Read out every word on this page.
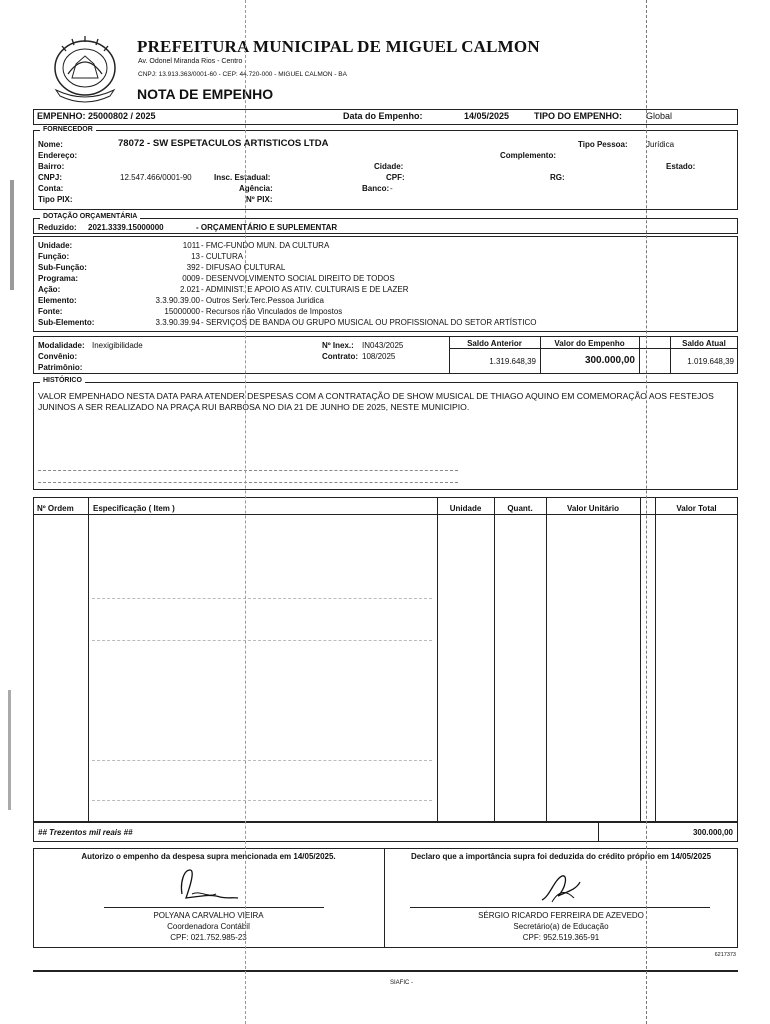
PREFEITURA MUNICIPAL DE MIGUEL CALMON
Av. Odonel Miranda Rios - Centro
CNPJ: 13.913.363/0001-60 - CEP: 44.720-000 - MIGUEL CALMON - BA
NOTA DE EMPENHO
EMPENHO: 25000802 / 2025	Data do Empenho:	14/05/2025	TIPO DO EMPENHO:	Global
FORNECEDOR
Nome:	78072 - SW ESPETACULOS ARTISTICOS LTDA	Tipo Pessoa: Jurídica
Endereço:	Complemento:
Bairro:	Cidade:	Estado:
CNPJ:	12.547.466/0001-90	Insc. Estadual:	CPF:	RG:
Conta:	Agência:	Banco: -
Tipo PIX:	Nº PIX:
DOTAÇÃO ORÇAMENTÁRIA
Reduzido: 2021.3339.15000000	- ORÇAMENTÁRIO E SUPLEMENTAR
Unidade:	1011 - FMC-FUNDO MUN. DA CULTURA
Função:	13 - CULTURA
Sub-Função:	392 - DIFUSAO CULTURAL
Programa:	0009 - DESENVOLVIMENTO SOCIAL DIREITO DE TODOS
Ação:	2.021 - ADMINIST. E APOIO AS ATIV. CULTURAIS E DE LAZER
Elemento:	3.3.90.39.00 - Outros Serv.Terc.Pessoa Juridica
Fonte:	15000000 - Recursos não Vinculados de Impostos
Sub-Elemento:	3.3.90.39.94 - SERVIÇOS DE BANDA OU GRUPO MUSICAL OU PROFISSIONAL DO SETOR ARTÍSTICO
Modalidade: Inexigibilidade
Convênio:
Patrimônio:
Nº Inex.: IN043/2025
Contrato: 108/2025
Saldo Anterior
1.319.648,39
Valor do Empenho
300.000,00
Saldo Atual
1.019.648,39
HISTÓRICO
VALOR EMPENHADO NESTA DATA PARA ATENDER DESPESAS COM A CONTRATAÇÃO DE SHOW MUSICAL DE THIAGO AQUINO EM COMEMORAÇÃO AOS FESTEJOS JUNINOS A SER REALIZADO NA PRAÇA RUI BARBOSA NO DIA 21 DE JUNHO DE 2025, NESTE MUNICIPIO.
Nº Ordem Especificação ( Item )	Unidade	Quant.	Valor Unitário	Valor Total
## Trezentos mil reais ##	300.000,00
Autorizo o empenho da despesa supra mencionada em 14/05/2025.
POLYANA CARVALHO VIEIRA
Coordenadora Contábil
CPF: 021.752.985-23
Declaro que a importância supra foi deduzida do crédito próprio em 14/05/2025
SÉRGIO RICARDO FERREIRA DE AZEVEDO
Secretário(a) de Educação
CPF: 952.519.365-91
6217373
SIAFIC -
